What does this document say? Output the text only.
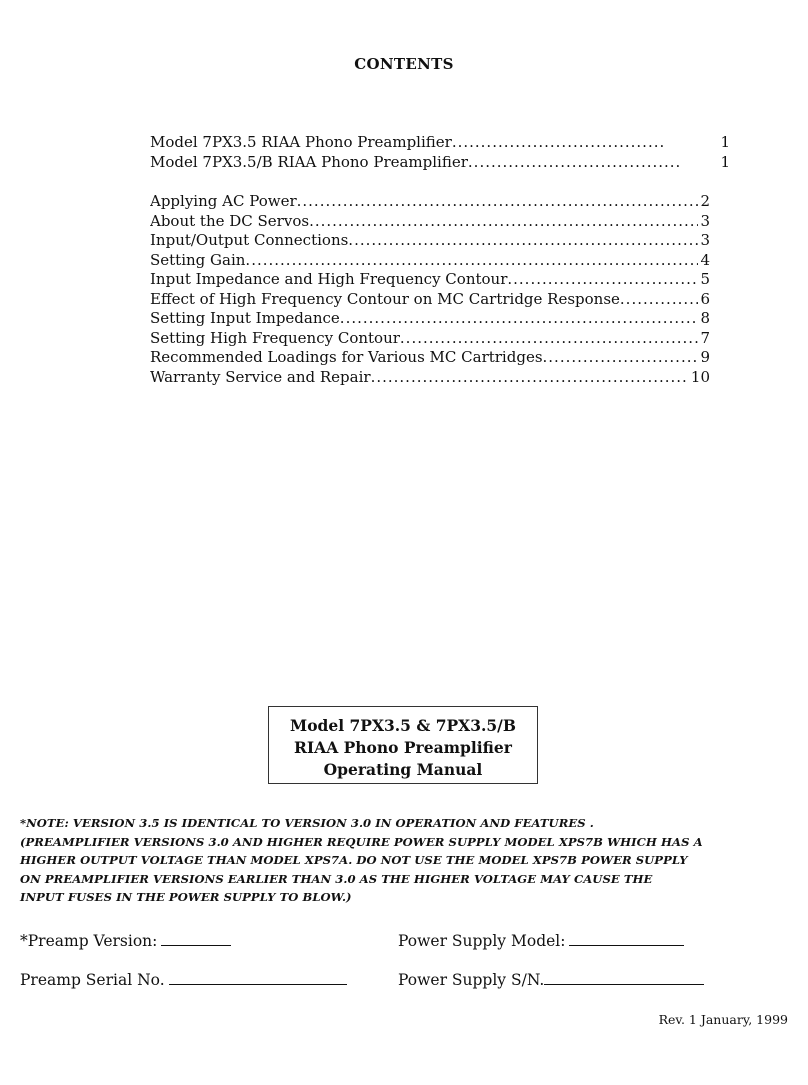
CONTENTS
Model 7PX3.5 RIAA Phono Preamplifier .....	1
Model 7PX3.5/B RIAA Phono Preamplifier .....	1
Applying AC Power .....	2
About the DC Servos .....	3
Input/Output Connections .....	3
Setting Gain .....	4
Input Impedance and High Frequency Contour .....	5
Effect of High Frequency Contour on MC Cartridge Response .....	6
Setting Input Impedance .....	8
Setting High Frequency Contour .....	7
Recommended Loadings for Various MC Cartridges .....	9
Warranty Service and Repair .....	10
Model 7PX3.5 & 7PX3.5/B
RIAA Phono Preamplifier
Operating Manual
*NOTE: VERSION 3.5 IS IDENTICAL TO VERSION 3.0 IN OPERATION AND FEATURES .
(PREAMPLIFIER VERSIONS 3.0 AND HIGHER REQUIRE POWER SUPPLY MODEL XPS7B WHICH HAS A
HIGHER OUTPUT VOLTAGE THAN MODEL XPS7A. DO NOT USE THE MODEL XPS7B POWER SUPPLY
ON PREAMPLIFIER VERSIONS EARLIER THAN 3.0 AS THE HIGHER VOLTAGE MAY CAUSE THE
INPUT FUSES IN THE POWER SUPPLY TO BLOW.)
*Preamp Version:	Power Supply Model:
Preamp Serial No.	Power Supply S/N.
Rev. 1 January, 1999
